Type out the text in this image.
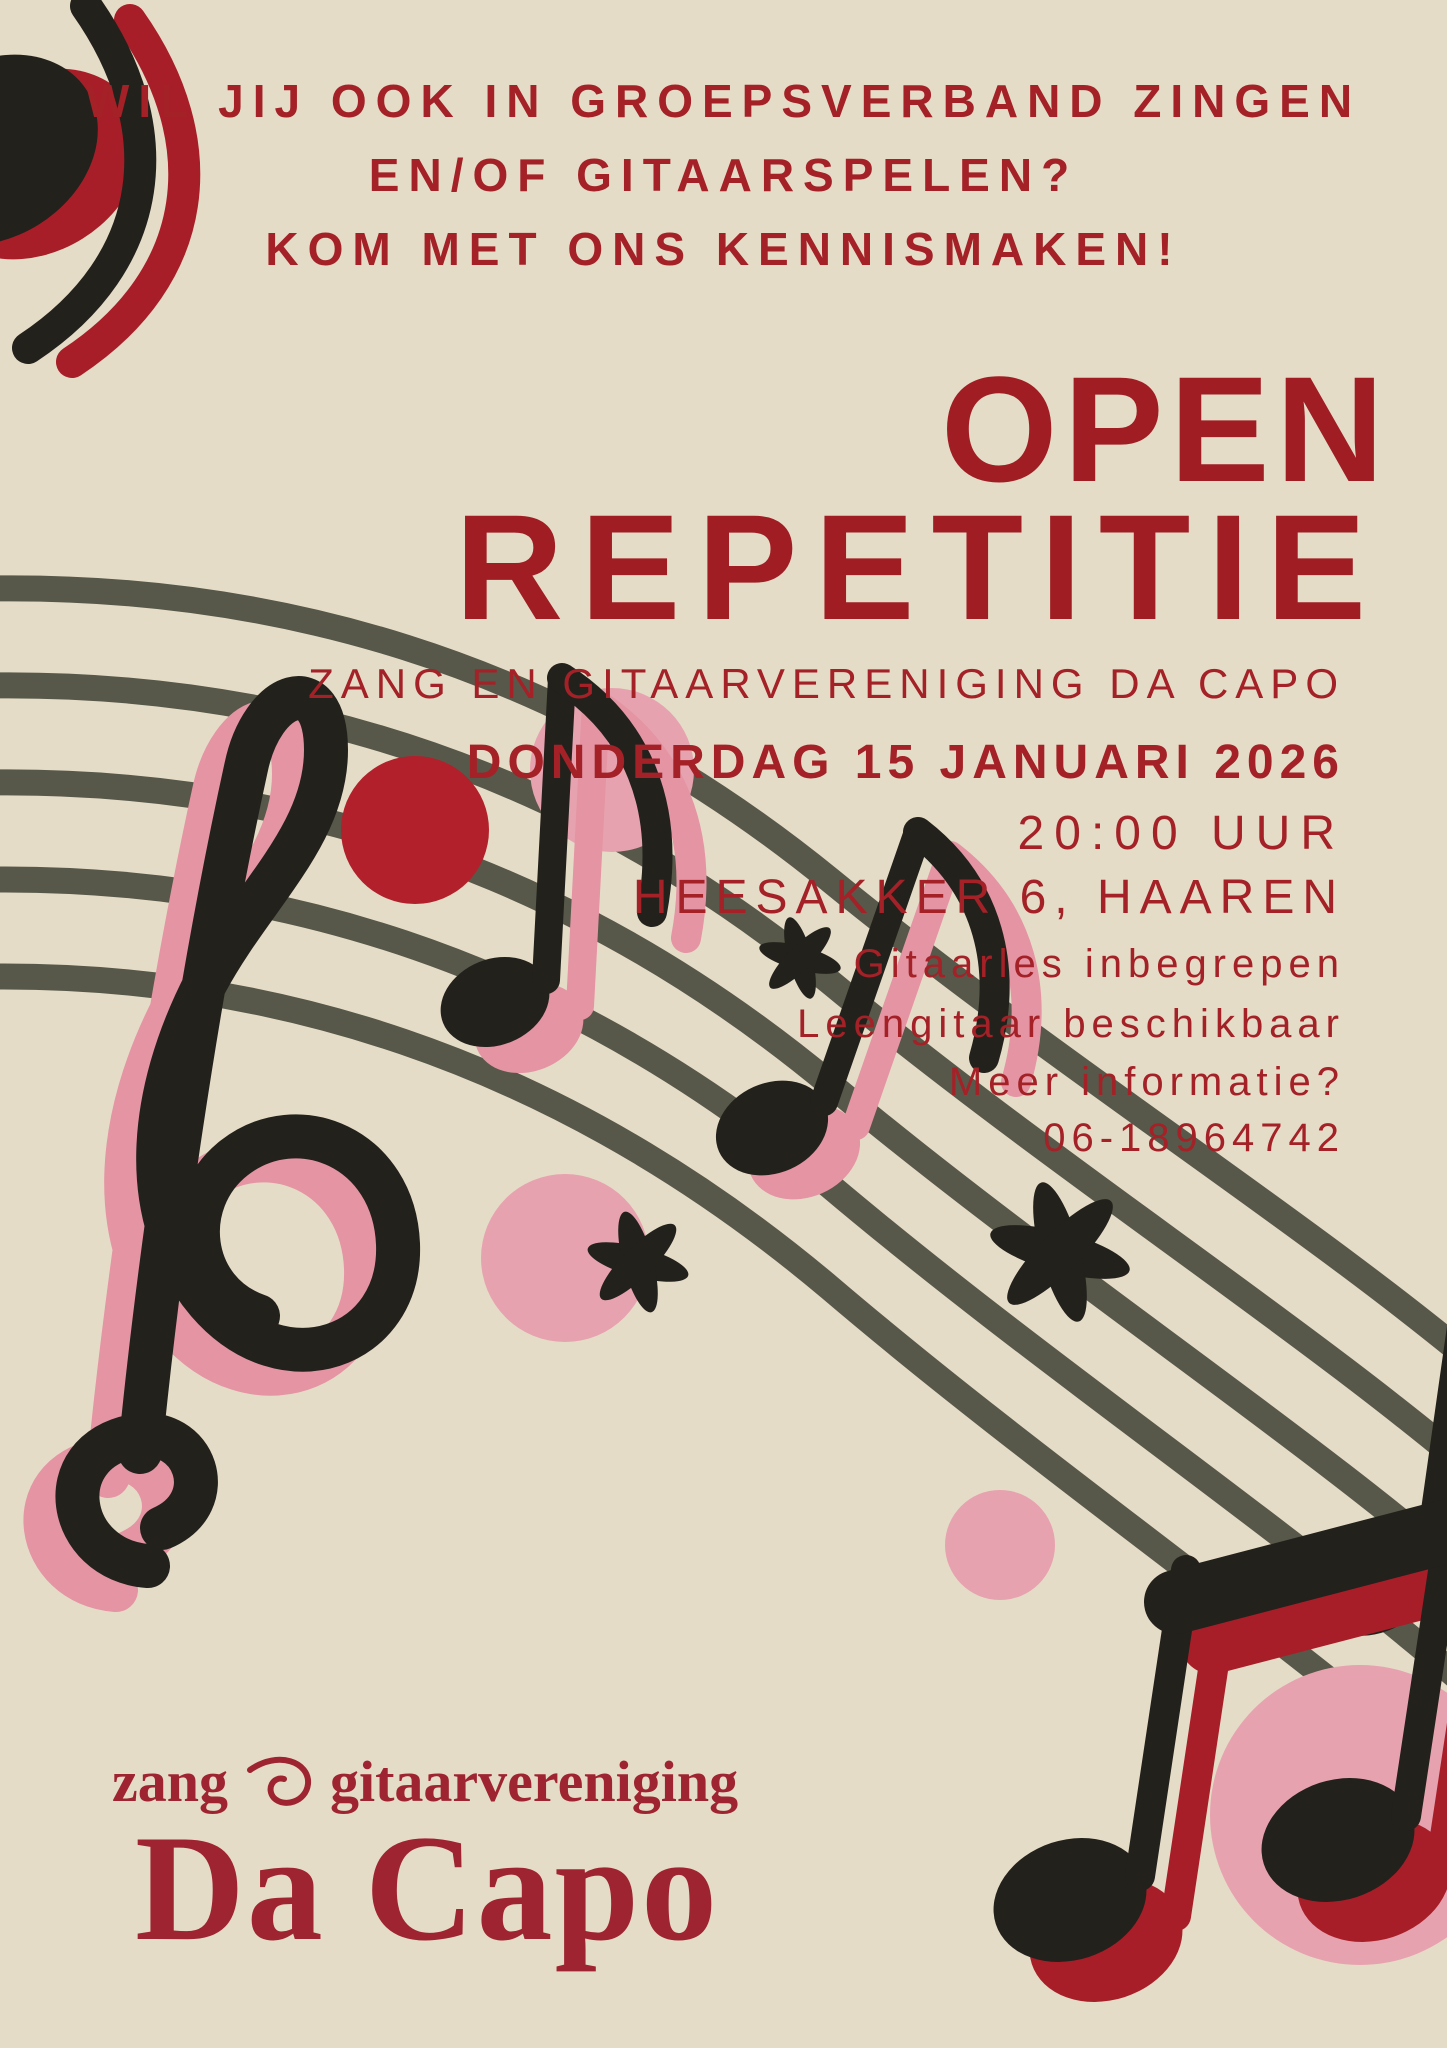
WIL JIJ OOK IN GROEPSVERBAND ZINGEN
EN/OF GITAARSPELEN?
KOM MET ONS KENNISMAKEN!
OPEN
REPETITIE
ZANG EN GITAARVERENIGING DA CAPO
DONDERDAG 15 JANUARI 2026
20:00 UUR
HEESAKKER 6, HAAREN
Gitaarles inbegrepen
Leengitaar beschikbaar
Meer informatie?
06-18964742
zang gitaarvereniging
Da Capo
